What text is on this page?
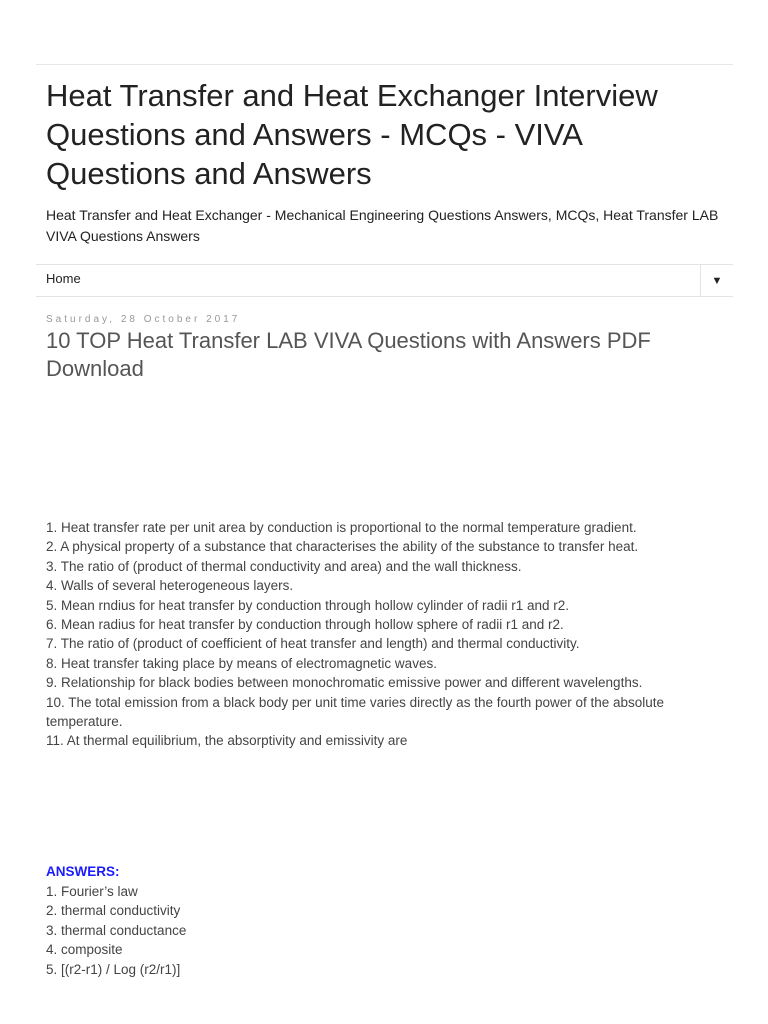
Heat Transfer and Heat Exchanger Interview Questions and Answers - MCQs - VIVA Questions and Answers
Heat Transfer and Heat Exchanger - Mechanical Engineering Questions Answers, MCQs, Heat Transfer LAB VIVA Questions Answers
Home	▼
Saturday, 28 October 2017
10 TOP Heat Transfer LAB VIVA Questions with Answers PDF Download
1. Heat transfer rate per unit area by conduction is proportional to the normal temperature gradient.
2. A physical property of a substance that characterises the ability of the substance to transfer heat.
3. The ratio of (product of thermal conductivity and area) and the wall thickness.
4. Walls of several heterogeneous layers.
5. Mean rndius for heat transfer by conduction through hollow cylinder of radii r1 and r2.
6. Mean radius for heat transfer by conduction through hollow sphere of radii r1 and r2.
7. The ratio of (product of coefficient of heat transfer and length) and thermal conductivity.
8. Heat transfer taking place by means of electromagnetic waves.
9. Relationship for black bodies between monochromatic emissive power and different wavelengths.
10. The total emission from a black body per unit time varies directly as the fourth power of the absolute temperature.
11. At thermal equilibrium, the absorptivity and emissivity are
ANSWERS:
1. Fourier’s law
2. thermal conductivity
3. thermal conductance
4. composite
5. [(r2-r1) / Log (r2/r1)]
